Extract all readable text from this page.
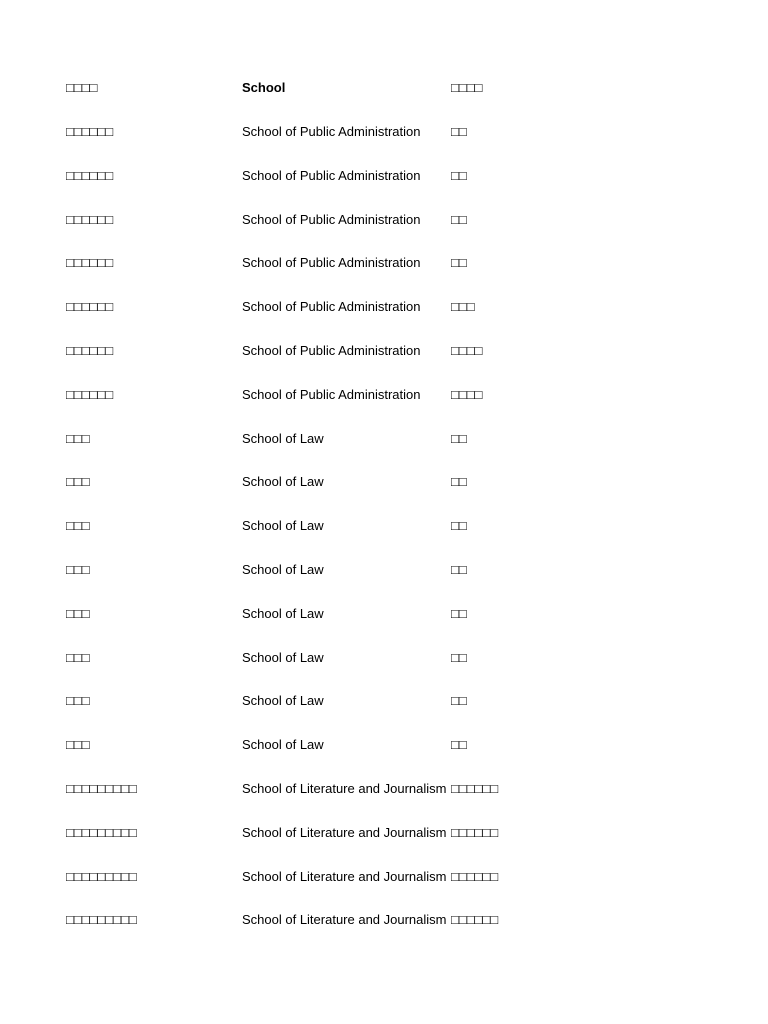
□□□□	School	□□□□
□□□□□□	School of Public Administration □□
□□□□□□	School of Public Administration □□
□□□□□□	School of Public Administration □□
□□□□□□	School of Public Administration □□
□□□□□□	School of Public Administration □□□
□□□□□□	School of Public Administration □□□□
□□□□□□	School of Public Administration □□□□
□□□	School of Law	□□
□□□	School of Law	□□
□□□	School of Law	□□
□□□	School of Law	□□
□□□	School of Law	□□
□□□	School of Law	□□
□□□	School of Law	□□
□□□	School of Law	□□
□□□□□□□□□	School of Literature and Journalism □□□□□□
□□□□□□□□□	School of Literature and Journalism □□□□□□
□□□□□□□□□	School of Literature and Journalism □□□□□□
□□□□□□□□□	School of Literature and Journalism □□□□□□
